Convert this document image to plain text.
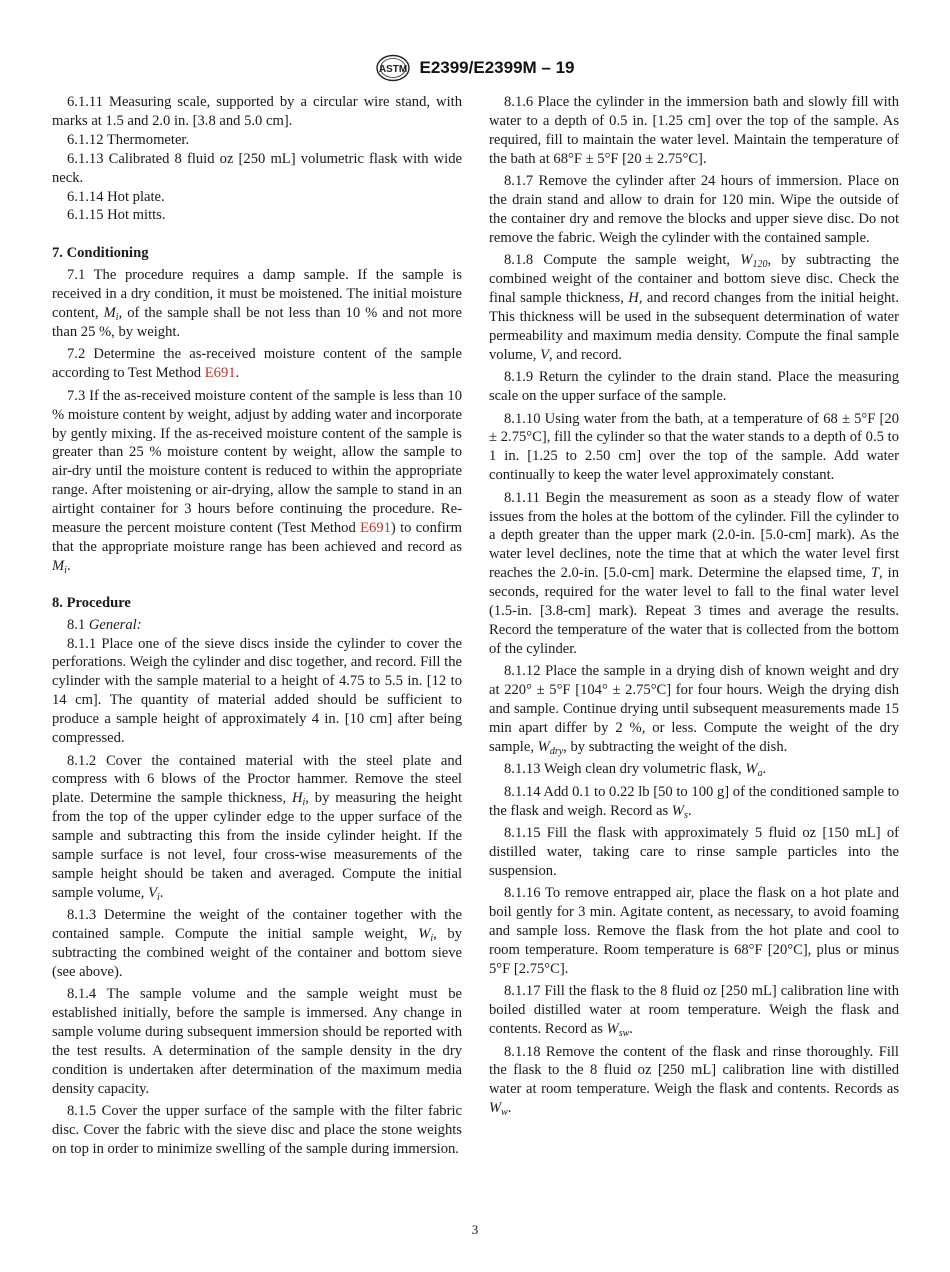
ASTM E2399/E2399M – 19

6.1.11 Measuring scale, supported by a circular wire stand, with marks at 1.5 and 2.0 in. [3.8 and 5.0 cm].

6.1.12 Thermometer.

6.1.13 Calibrated 8 fluid oz [250 mL] volumetric flask with wide neck.

6.1.14 Hot plate.

6.1.15 Hot mitts.

7. Conditioning

7.1 The procedure requires a damp sample. If the sample is received in a dry condition, it must be moistened. The initial moisture content, $M_i$, of the sample shall be not less than 10 % and not more than 25 %, by weight.

7.2 Determine the as-received moisture content of the sample according to Test Method E691.

7.3 If the as-received moisture content of the sample is less than 10 % moisture content by weight, adjust by adding water and incorporate by gently mixing. If the as-received moisture content of the sample is greater than 25 % moisture content by weight, allow the sample to air-dry until the moisture content is reduced to within the appropriate range. After moistening or air-drying, allow the sample to stand in an airtight container for 3 hours before continuing the procedure. Re-measure the percent moisture content (Test Method E691) to confirm that the appropriate moisture range has been achieved and record as $M_i$.

8. Procedure

8.1 General:

8.1.1 Place one of the sieve discs inside the cylinder to cover the perforations. Weigh the cylinder and disc together, and record. Fill the cylinder with the sample material to a height of 4.75 to 5.5 in. [12 to 14 cm]. The quantity of material added should be sufficient to produce a sample height of approximately 4 in. [10 cm] after being compressed.

8.1.2 Cover the contained material with the steel plate and compress with 6 blows of the Proctor hammer. Remove the steel plate. Determine the sample thickness, $H_i$, by measuring the height from the top of the upper cylinder edge to the upper surface of the sample and subtracting this from the inside cylinder height. If the sample surface is not level, four cross-wise measurements of the sample height should be taken and averaged. Compute the initial sample volume, $V_i$.

8.1.3 Determine the weight of the container together with the contained sample. Compute the initial sample weight, $W_i$, by subtracting the combined weight of the container and bottom sieve (see above).

8.1.4 The sample volume and the sample weight must be established initially, before the sample is immersed. Any change in sample volume during subsequent immersion should be reported with the test results. A determination of the sample density in the dry condition is undertaken after determination of the maximum media density capacity.

8.1.5 Cover the upper surface of the sample with the filter fabric disc. Cover the fabric with the sieve disc and place the stone weights on top in order to minimize swelling of the sample during immersion.

8.1.6 Place the cylinder in the immersion bath and slowly fill with water to a depth of 0.5 in. [1.25 cm] over the top of the sample. As required, fill to maintain the water level. Maintain the temperature of the bath at 68°F ± 5°F [20 ± 2.75°C].

8.1.7 Remove the cylinder after 24 hours of immersion. Place on the drain stand and allow to drain for 120 min. Wipe the outside of the container dry and remove the blocks and upper sieve disc. Do not remove the fabric. Weigh the cylinder with the contained sample.

8.1.8 Compute the sample weight, $W_{120}$, by subtracting the combined weight of the container and bottom sieve disc. Check the final sample thickness, H, and record changes from the initial height. This thickness will be used in the subsequent determination of water permeability and maximum media density. Compute the final sample volume, V, and record.

8.1.9 Return the cylinder to the drain stand. Place the measuring scale on the upper surface of the sample.

8.1.10 Using water from the bath, at a temperature of 68 ± 5°F [20 ± 2.75°C], fill the cylinder so that the water stands to a depth of 0.5 to 1 in. [1.25 to 2.50 cm] over the top of the sample. Add water continually to keep the water level approximately constant.

8.1.11 Begin the measurement as soon as a steady flow of water issues from the holes at the bottom of the cylinder. Fill the cylinder to a depth greater than the upper mark (2.0-in. [5.0-cm] mark). As the water level declines, note the time that at which the water level first reaches the 2.0-in. [5.0-cm] mark. Determine the elapsed time, T, in seconds, required for the water level to fall to the final water level (1.5-in. [3.8-cm] mark). Repeat 3 times and average the results. Record the temperature of the water that is collected from the bottom of the cylinder.

8.1.12 Place the sample in a drying dish of known weight and dry at 220° ± 5°F [104° ± 2.75°C] for four hours. Weigh the drying dish and sample. Continue drying until subsequent measurements made 15 min apart differ by 2 %, or less. Compute the weight of the dry sample, $W_{dry}$, by subtracting the weight of the dish.

8.1.13 Weigh clean dry volumetric flask, $W_a$.

8.1.14 Add 0.1 to 0.22 lb [50 to 100 g] of the conditioned sample to the flask and weigh. Record as $W_s$.

8.1.15 Fill the flask with approximately 5 fluid oz [150 mL] of distilled water, taking care to rinse sample particles into the suspension.

8.1.16 To remove entrapped air, place the flask on a hot plate and boil gently for 3 min. Agitate content, as necessary, to avoid foaming and sample loss. Remove the flask from the hot plate and cool to room temperature. Room temperature is 68°F [20°C], plus or minus 5°F [2.75°C].

8.1.17 Fill the flask to the 8 fluid oz [250 mL] calibration line with boiled distilled water at room temperature. Weigh the flask and contents. Record as $W_{sw}$.

8.1.18 Remove the content of the flask and rinse thoroughly. Fill the flask to the 8 fluid oz [250 mL] calibration line with distilled water at room temperature. Weigh the flask and contents. Records as $W_w$.

3
